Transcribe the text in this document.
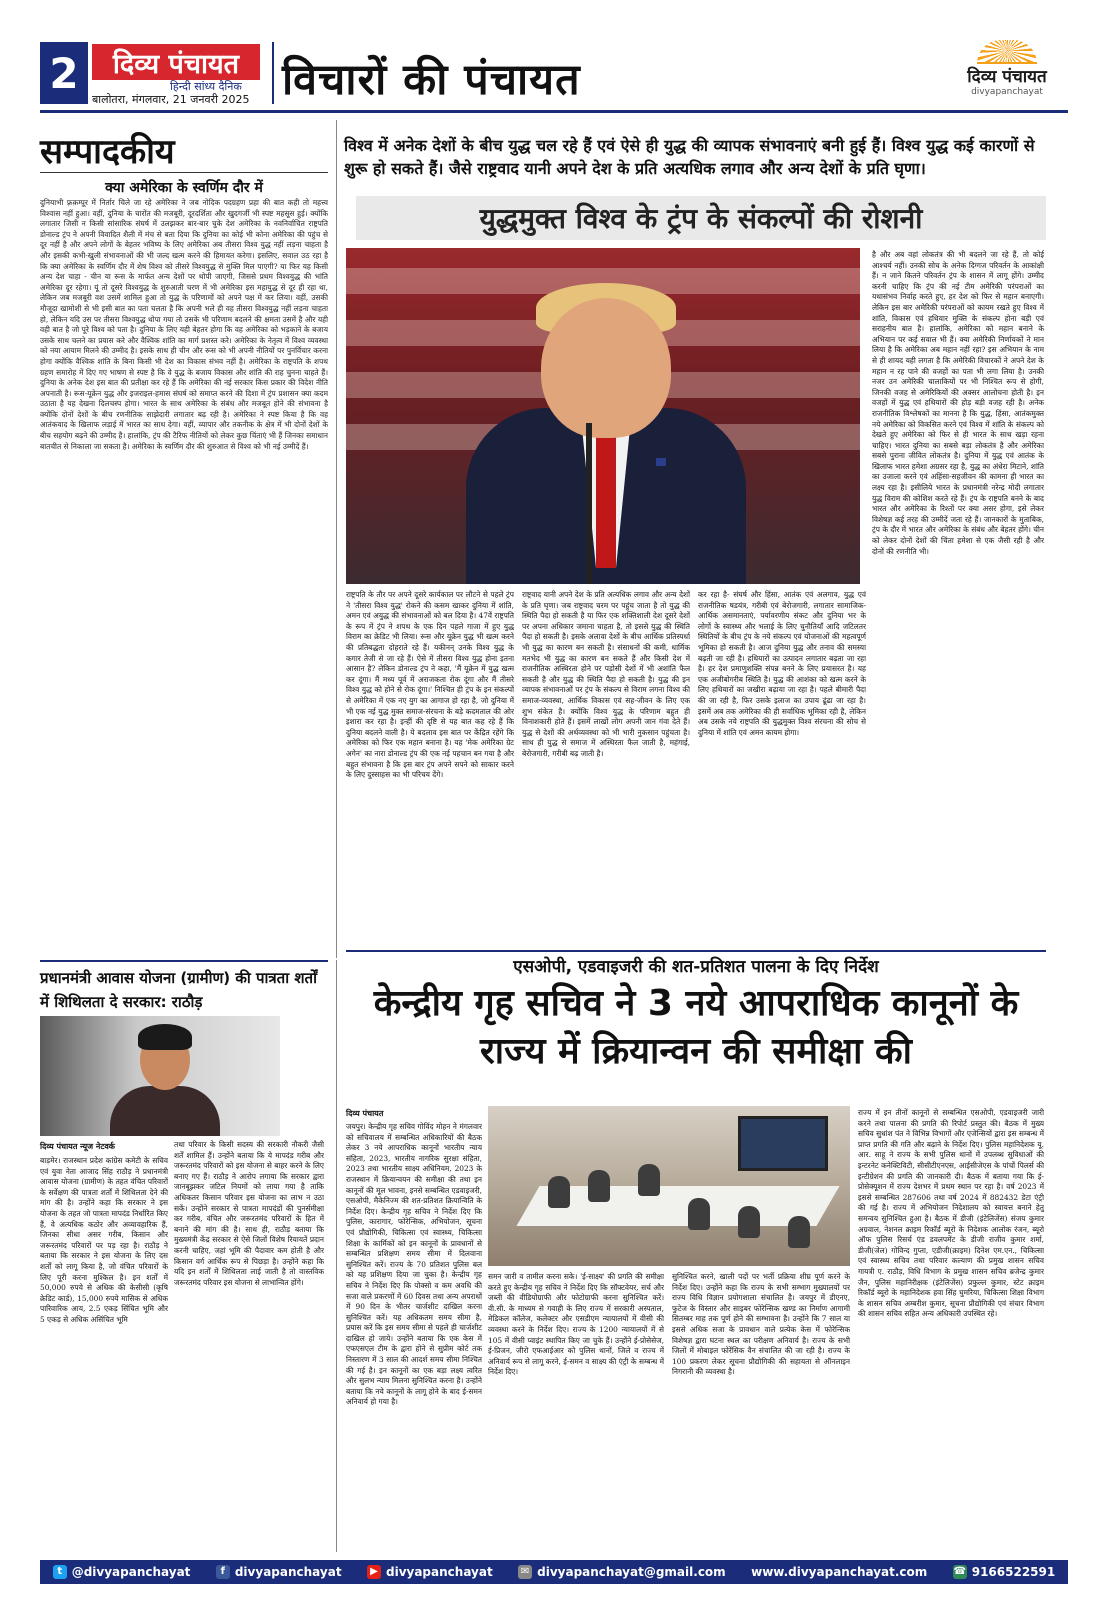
2	दिव्य पंचायत
हिन्दी सांध्य दैनिक
बालोतरा, मंगलवार, 21 जनवरी 2025 विचारों की पंचायत	दिव्य पंचायत
divyapanchayat
सम्पादकीय
क्या अमेरिका के स्वर्णिम दौर में
दुनियाभी फ़्रक़म्प़ूर में निर्तार चिले जा रहे अमेरिका ने जब नोदिक पदग्रहण प्रहा की बात कही तो महत्त्व विश्वास नहीं हुआ। वहीं, दुनिया के चारोंत की मजबूरी, दूरदर्शिता और खुदगर्जी भी स्पष्ट महसूस हुई। क्योंकि लगातार जिसी न किसी सांसारिक संघर्ष में उलझकर बार-बार चुके देश अमेरिका के नवनिर्वाचित राष्ट्रपति डोनाल्ड ट्रंप ने अपनी विवादित शैली में मंच से बता दिया कि दुनिया का कोई भी कोना अमेरिका की पहुंच से दूर नहीं है और अपने लोगों के बेहतर भविष्य के लिए अमेरिका अब तीसरा विश्व युद्ध नहीं लड़ना चाहता है और इसकी कभी-खुली संभावनाओं की भी जल्द खत्म करने की हिमायत करेगा। इसलिए, सवाल उठ रहा है कि क्या अमेरिका के स्वर्णिम दौर में शेष विश्व को तीसरे विश्वयुद्ध से मुक्ति मिल पाएगी? या फिर यह किसी अन्य देश चाहा - चीन या रूस के मार्फत अन्य देशों पर थोपी जाएगी, जिससे प्रथम विश्वयुद्ध की भांति अमेरिका दूर रहेगा। यूं तो दूसरे विश्वयुद्ध के शुरुआती चरण में भी अमेरिका इस महायुद्ध से दूर ही रहा था, लेकिन जब मजबूरी वश उसमें शामिल हुआ तो युद्ध के परिणामों को अपने पक्ष में कर लिया। वहीं, उसकी मौजूदा खामोशी से भी इसी बात का पता चलता है कि अपनी भले ही वह तीसरा विश्वयुद्ध नहीं लड़ना चाहता हो, लेकिन यदि उस पर तीसरा विश्वयुद्ध थोपा गया तो उसके भी परिणाम बदलने की क्षमता उसमें है और यही वही बात है जो पूरे विश्व को पता है। दुनिया के लिए यही बेहतर होगा कि वह अमेरिका को भड़काने के बजाय उसके साथ चलने का प्रयास करे और वैश्विक शांति का मार्ग प्रशस्त करे। अमेरिका के नेतृत्व में विश्व व्यवस्था को नया आयाम मिलने की उम्मीद है। इसके साथ ही चीन और रूस को भी अपनी नीतियों पर पुनर्विचार करना होगा क्योंकि वैश्विक शांति के बिना किसी भी देश का विकास संभव नहीं है। अमेरिका के राष्ट्रपति के शपथ ग्रहण समारोह में दिए गए भाषण से स्पष्ट है कि वे युद्ध के बजाय विकास और शांति की राह चुनना चाहते हैं। दुनिया के अनेक देश इस बात की प्रतीक्षा कर रहे हैं कि अमेरिका की नई सरकार किस प्रकार की विदेश नीति अपनाती है। रूस-यूक्रेन युद्ध और इजराइल-हमास संघर्ष को समाप्त करने की दिशा में ट्रंप प्रशासन क्या कदम उठाता है यह देखना दिलचस्प होगा। भारत के साथ अमेरिका के संबंध और मजबूत होने की संभावना है क्योंकि दोनों देशों के बीच रणनीतिक साझेदारी लगातार बढ़ रही है। अमेरिका ने स्पष्ट किया है कि वह आतंकवाद के खिलाफ लड़ाई में भारत का साथ देगा। वहीं, व्यापार और तकनीक के क्षेत्र में भी दोनों देशों के बीच सहयोग बढ़ने की उम्मीद है। हालांकि, ट्रंप की टैरिफ नीतियों को लेकर कुछ चिंताएं भी हैं जिनका समाधान बातचीत से निकाला जा सकता है। अमेरिका के स्वर्णिम दौर की शुरुआत से विश्व को भी नई उम्मीदें हैं।
विश्व में अनेक देशों के बीच युद्ध चल रहे हैं एवं ऐसे ही युद्ध की व्यापक संभावनाएं बनी हुई हैं। विश्व युद्ध कई कारणों से शुरू हो सकते हैं। जैसे राष्ट्रवाद यानी अपने देश के प्रति अत्यधिक लगाव और अन्य देशों के प्रति घृणा।
युद्धमुक्त विश्व के ट्रंप के संकल्पों की रोशनी
राष्ट्रपति के तौर पर अपने दूसरे कार्यकाल पर लौटने से पहले ट्रंप ने 'तीसरा विश्व युद्ध' रोकने की कसम खाकर दुनिया में शांति, अमन एवं अयुद्ध की संभावनाओं को बल दिया है। 47वें राष्ट्रपति के रूप में ट्रंप ने शपथ के एक दिन पहले गाजा में हुए युद्ध विराम का क्रेडिट भी लिया। रूस और यूक्रेन युद्ध भी खत्म करने की प्रतिबद्धता दोहराते रहे हैं। यकीनन् उनके विश्व युद्ध के कगार तेजी से जा रहे हैं। ऐसे में तीसरा विश्व युद्ध होना इतना आसान है? लेकिन डोनाल्ड ट्रंप ने कहा, 'मैं यूक्रेन में युद्ध खत्म कर दूंगा। मैं मध्य पूर्व में अराजकता रोक दूंगा और मैं तीसरे विश्व युद्ध को होने से रोक दूंगा।' निश्चित ही ट्रंप के इन संकल्पों से अमेरिका में एक नए युग का आगाज हो रहा है, जो दुनिया में भी एक नई युद्ध मुक्त समाज-संरचना के बड़े कदमताल की ओर इशारा कर रहा है। इन्हीं की दृष्टि से यह बात कह रहे हैं कि दुनिया बदलने वाली है। ये बदलाव इस बात पर केंद्रित रहेंगे कि अमेरिका को फिर एक महान बनाना है। यह 'मेक अमेरिका ग्रेट अगेन' का नारा डोनाल्ड ट्रंप की एक नई पहचान बन गया है और बहुत संभावना है कि इस बार ट्रंप अपने सपने को साकार करने के लिए दुस्साहस का भी परिचय देंगे।
राष्ट्रवाद यानी अपने देश के प्रति अत्यधिक लगाव और अन्य देशों के प्रति घृणा। जब राष्ट्रवाद चरम पर पहुंच जाता है तो युद्ध की स्थिति पैदा हो सकती है या फिर एक शक्तिशाली देश दूसरे देशों पर अपना अधिकार जमाना चाहता है, तो इससे युद्ध की स्थिति पैदा हो सकती है। इसके अलावा देशों के बीच आर्थिक प्रतिस्पर्धा भी युद्ध का कारण बन सकती है। संसाधनों की कमी, धार्मिक मतभेद भी युद्ध का कारण बन सकते हैं और किसी देश में राजनीतिक अस्थिरता होने पर पड़ोसी देशों में भी अशांति फैल सकती है और युद्ध की स्थिति पैदा हो सकती है। युद्ध की इन व्यापक संभावनाओं पर ट्रंप के संकल्प से विराम लगना विश्व की समाज-व्यवस्था, आर्थिक विकास एवं सह-जीवन के लिए एक शुभ संकेत है। क्योंकि विश्व युद्ध के परिणाम बहुत ही विनाशकारी होते हैं। इसमें लाखों लोग अपनी जान गंवा देते हैं। युद्ध से देशों की अर्थव्यवस्था को भी भारी नुकसान पहुंचता है। साथ ही युद्ध से समाज में अस्थिरता फैल जाती है, महंगाई, बेरोजगारी, गरीबी बढ़ जाती है।
कर रहा है- संघर्ष और हिंसा, आतंक एवं अलगाव, युद्ध एवं राजनीतिक षडयंत्र, गरीबी एवं बेरोजगारी, लगातार सामाजिक-आर्थिक असमानताएं, पर्यावरणीय संकट और दुनिया भर के लोगों के स्वास्थ्य और भलाई के लिए चुनौतियाँ आदि जटिलतर स्थितियों के बीच ट्रंप के नये संकल्प एवं योजनाओं की महत्वपूर्ण भूमिका हो सकती है। आज दुनिया युद्ध और तनाव की समस्या बढ़ती जा रही है। हथियारों का उत्पादन लगातार बढ़ता जा रहा है। हर देश प्रमाणुशक्ति संपन्न बनने के लिए प्रयासरत है। यह एक अजीबोगरीब स्थिति है। युद्ध की आशंका को खत्म करने के लिए हथियारों का जखीरा बढ़ाया जा रहा है। पहले बीमारी पैदा की जा रही है, फिर उसके इलाज का उपाय ढूंढा जा रहा है। इसमें अब तक अमेरिका की ही सर्वाधिक भूमिका रही है, लेकिन अब उसके नये राष्ट्रपति की युद्धमुक्त विश्व संरचना की सोच से दुनिया में शांति एवं अमन कायम होगा।
है और अब वहां लोकतंत्र की भी बदलने जा रहे हैं, तो कोई आश्चर्य नहीं। उनकी सोच के अनेक दिग्गज परिवर्तन के आकांक्षी हैं। न जाने कितने परिवर्तन ट्रंप के शासन में लागू होंगे। उम्मीद करनी चाहिए कि ट्रंप की नई टीम अमेरिकी परंपराओं का यथासंभव निर्वाह करते हुए, हर देश को फिर से महान बनाएगी। लेकिन इस बार अमेरिकी परंपराओं को कायम रखते हुए विश्व में शांति, विकास एवं हथियार मुक्ति के संकल्प होना बड़ी एवं सराहनीय बात है। हालांकि, अमेरिका को महान बनाने के अभियान पर कई सवाल भी हैं। क्या अमेरिकी निर्णायकों ने मान लिया है कि अमेरिका अब महान नहीं रहा? इस अभियान के नाम से ही शायद यही लगता है कि अमेरिकी विचारकों ने अपने देश के महान न रह पाने की वजहों का पता भी लगा लिया है। उनकी नजर उन अमेरिकी चालाकियों पर भी निश्चित रूप से होगी, जिनकी वजह से अमेरिकियों की अक्सर आलोचना होती है। इन वजहों में युद्ध एवं हथियारों की होड़ बड़ी वजह रही है। अनेक राजनीतिक विश्लेषकों का मानना है कि युद्ध, हिंसा, आतंकमुक्त नये अमेरिका को विकसित करने एवं विश्व में शांति के संकल्प को देखते हुए अमेरिका को फिर से ही भारत के साथ खड़ा रहना चाहिए। भारत दुनिया का सबसे बड़ा लोकतंत्र है और अमेरिका सबसे पुराना जीवित लोकतंत्र है। दुनिया में युद्ध एवं आतंक के खिलाफ भारत हमेशा अग्रसर रहा है, युद्ध का अंधेरा मिटाने, शांति का उजाला करने एवं अहिंसा-सहजीवन की कामना ही भारत का लक्ष्य रहा है। इसीलिये भारत के प्रधानमंत्री नरेन्द्र मोदी लगातार युद्ध विराम की कोशिश करते रहे हैं। ट्रंप के राष्ट्रपति बनने के बाद भारत और अमेरिका के रिश्तों पर क्या असर होगा, इसे लेकर विशेषज्ञ कई तरह की उम्मीदें जता रहे हैं। जानकारों के मुताबिक, ट्रंप के दौर में भारत और अमेरिका के संबंध और बेहतर होंगे। चीन को लेकर दोनों देशों की चिंता हमेशा से एक जैसी रही है और दोनों की रणनीति भी।
प्रधानमंत्री आवास योजना (ग्रामीण) की पात्रता शर्तों में शिथिलता दे सरकार: राठौड़
दिव्य पंचायत न्यूज नेटवर्क
बाड़मेर। राजस्थान प्रदेश कांग्रेस कमेटी के सचिव एवं युवा नेता आजाद सिंह राठौड़ ने प्रधानमंत्री आवास योजना (ग्रामीण) के तहत वंचित परिवारों के सर्वेक्षण की पात्रता शर्तों में शिथिलता देने की मांग की है। उन्होंने कहा कि सरकार ने इस योजना के तहत जो पात्रता मापदंड निर्धारित किए हैं, वे अत्यधिक कठोर और अव्यावहारिक हैं, जिनका सीधा असर गरीब, किसान और जरूरतमंद परिवारों पर पड़ रहा है। राठौड़ ने बताया कि सरकार ने इस योजना के लिए दस शर्तों को लागू किया है, जो वंचित परिवारों के लिए पूरी करना मुश्किल है। इन शर्तों में 50,000 रुपये से अधिक की केसीसी (कृषि क्रेडिट कार्ड), 15,000 रुपये मासिक से अधिक पारिवारिक आय, 2.5 एकड़ सिंचित भूमि और 5 एकड़ से अधिक असिंचित भूमि
तथा परिवार के किसी सदस्य की सरकारी नौकरी जैसी शर्तें शामिल हैं। उन्होंने बताया कि ये मापदंड गरीब और जरूरतमंद परिवारों को इस योजना से बाहर करने के लिए बनाए गए हैं। राठौड़ ने आरोप लगाया कि सरकार द्वारा जानबूझकर जटिल नियमों को लाया गया है ताकि अधिकतर किसान परिवार इस योजना का लाभ न उठा सकें। उन्होंने सरकार से पात्रता मापदंडों की पुनर्समीक्षा कर गरीब, वंचित और जरूरतमंद परिवारों के हित में बनाने की मांग की है। साथ ही, राठौड़ बताया कि मुख्यमंत्री केंद्र सरकार से ऐसे जिलों विशेष रियायतें प्रदान करनी चाहिए, जहां भूमि की पैदावार कम होती है और किसान वर्ग आर्थिक रूप से पिछड़ा है। उन्होंने कहा कि यदि इन शर्तों में शिथिलता लाई जाती है तो वास्तविक जरूरतमंद परिवार इस योजना से लाभान्वित होंगे।
एसओपी, एडवाइजरी की शत-प्रतिशत पालना के दिए निर्देश
केन्द्रीय गृह सचिव ने 3 नये आपराधिक कानूनों के राज्य में क्रियान्वन की समीक्षा की
दिव्य पंचायत
जयपुर। केन्द्रीय गृह सचिव गोविंद मोहन ने मंगलवार को सचिवालय में सम्बन्धित अधिकारियों की बैठक लेकर 3 नये आपराधिक कानूनों भारतीय न्याय संहिता, 2023, भारतीय नागरिक सुरक्षा संहिता, 2023 तथा भारतीय साक्ष्य अधिनियम, 2023 के राजस्थान में क्रियान्वयन की समीक्षा की तथा इन कानूनों की मूल भावना, इनसे सम्बन्धित एडवाइजरी, एसओपी, मैकेनिज्म की शत-प्रतिशत क्रियान्विति के निर्देश दिए। केन्द्रीय गृह सचिव ने निर्देश दिए कि पुलिस, कारागार, फोरेन्सिक, अभियोजन, सूचना एवं प्रौद्योगिकी, चिकित्सा एवं स्वास्थ्य, चिकित्सा शिक्षा के कार्मिकों को इन कानूनों के प्रावधानों से सम्बन्धित प्रशिक्षण समय सीमा में दिलवाना सुनिश्चित करें। राज्य के 70 प्रतिशत पुलिस बल को यह प्रशिक्षण दिया जा चुका है। केन्द्रीय गृह सचिव ने निर्देश दिए कि पोक्सो व कम अवधि की सजा वाले प्रकरणों में 60 दिवस तथा अन्य अपराधों में 90 दिन के भीतर चार्जशीट दाखिल करना सुनिश्चित करें। यह अधिकतम समय सीमा है, प्रयास करें कि इस समय सीमा से पहले ही चार्जशीट दाखिल हो जाये। उन्होंने बताया कि एक केस में एफएसएल टीम के द्वारा होने से सुप्रीम कोर्ट तक निस्तारण में 3 साल की आदर्श समय सीमा निश्चित की गई है। इन कानूनों का एक बड़ा लक्ष्य त्वरित और सुलभ न्याय मिलना सुनिश्चित करना है। उन्होंने बताया कि नये कानूनों के लागू होने के बाद ई-समन अनिवार्य हो गया है।
समन जारी व तामील करना सके। 'ई-साक्ष्य' की प्रगति की समीक्षा करते हुए केन्द्रीय गृह सचिव ने निर्देश दिए कि सॉफ्टवेयर, सर्च और जब्ती की वीडियोग्राफी और फोटोग्राफी करना सुनिश्चित करें। वी.सी. के माध्यम से गवाही के लिए राज्य में सरकारी अस्पताल, मेडिकल कॉलेज, कलेक्टर और एसडीएम न्यायालयों में वीसी की व्यवस्था करने के निर्देश दिए। राज्य के 1200 न्यायालयों में से 105 में वीसी प्वाइंट स्थापित किए जा चुके हैं। उन्होंने ई-प्रोसेसेज, ई-प्रिजन, जीरो एफआईआर को पुलिस थानों, जिले व राज्य में अनिवार्य रूप से लागू करने, ई-समन व साक्ष्य की एंट्री के सम्बन्ध में निर्देश दिए।
सुनिश्चित करने, खाली पदों पर भर्ती प्रक्रिया शीघ्र पूर्ण करने के निर्देश दिए। उन्होंने कहा कि राज्य के सभी सम्भाग मुख्यालयों पर राज्य विधि विज्ञान प्रयोगशाला संचालित है। जयपुर में डीएनए, फुटेज के विस्तार और साइबर फोरेन्सिक खण्ड का निर्माण आगामी सितम्बर माह तक पूर्ण होने की सम्भावना है। उन्होंने कि 7 साल या इससे अधिक सजा के प्रावधान वाले प्रत्येक केस में फोरेन्सिक विशेषज्ञ द्वारा घटना स्थल का परीक्षण अनिवार्य है। राज्य के सभी जिलों में मोबाइल फोरेंसिक वैन संचालित की जा रही है। राज्य के 100 प्रकरण लेकर सूचना प्रौद्योगिकी की सहायता से ऑनलाइन निगरानी की व्यवस्था है।
राज्य में इन तीनों कानूनों से सम्बन्धित एसओपी, एडवाइजरी जारी करने तथा पालना की प्रगति की रिपोर्ट प्रस्तुत की। बैठक में मुख्य सचिव सुधांश पंत ने विभिन्न विभागों और एजेन्सियों द्वारा इस सम्बन्ध में प्राप्त प्रगति की गति और बढ़ाने के निर्देश दिए। पुलिस महानिदेशक यू. आर. साहू ने राज्य के सभी पुलिस थानों में उपलब्ध सुविधाओं की इन्टरनेट कनेक्टिविटी, सीसीटीएनएस, आईसीजेएस के पांचों पिलर्स की इन्टीग्रेशन की प्रगति की जानकारी दी। बैठक में बताया गया कि ई-प्रोसेक्यूशन में राज्य देशभर में प्रथम स्थान पर रहा है। वर्ष 2023 में इससे सम्बन्धित 287606 तथा वर्ष 2024 में 882432 डेटा एंट्री की गई है। राज्य में अभियोजन निदेशालय को स्वायत्त बनाने हेतु समन्वय सुनिश्चित हुआ है। बैठक में डीजी (इंटेलिजेंस) संजय कुमार अग्रवाल, नेशनल क्राइम रिकॉर्ड ब्यूरो के निदेशक आलोक रंजन, ब्यूरो ऑफ पुलिस रिसर्च एंड डवलपमेंट के डीजी राजीव कुमार शर्मा, डीजी(जेल) गोविन्द गुप्ता, एडीजी(क्राइम) दिनेश एम.एन., चिकित्सा एवं स्वास्थ्य सचिव तथा परिवार कल्याण की प्रमुख शासन सचिव गायत्री ए. राठौड़, विधि विभाग के प्रमुख शासन सचिव ब्रजेन्द्र कुमार जैन, पुलिस महानिरीक्षक (इंटेलिजेंस) प्रफुल्ल कुमार, स्टेट क्राइम रिकॉर्ड ब्यूरो के महानिदेशक हवा सिंह घुमरिया, चिकित्सा शिक्षा विभाग के शासन सचिव अम्बरीश कुमार, सूचना प्रौद्योगिकी एवं संचार विभाग की शासन सचिव सहित अन्य अधिकारी उपस्थित रहे।
t @divyapanchayat	f divyapanchayat	▶ divyapanchayat	✉ divyapanchayat@gmail.com www.divyapanchayat.com	☎ 9166522591
